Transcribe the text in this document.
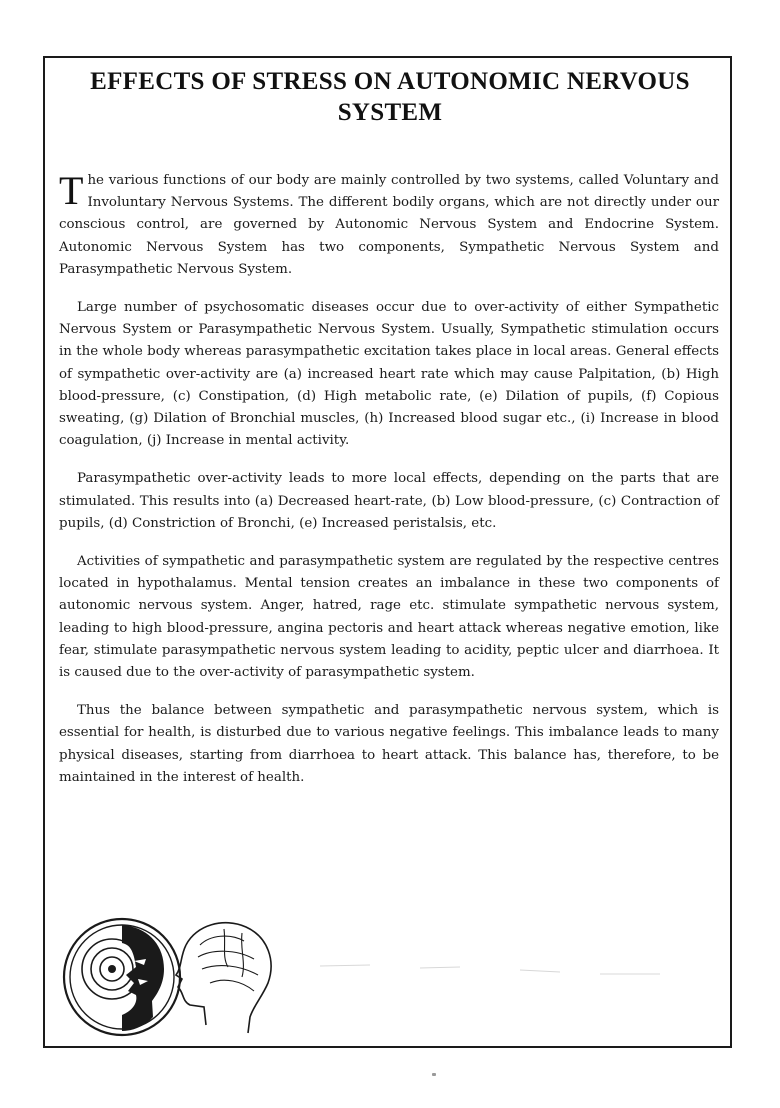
EFFECTS OF STRESS ON AUTONOMIC NERVOUS SYSTEM

The various functions of our body are mainly controlled by two systems, called Voluntary and Involuntary Nervous Systems. The different bodily organs, which are not directly under our conscious control, are governed by Autonomic Nervous System and Endocrine System. Autonomic Nervous System has two components, Sympathetic Nervous System and Parasympathetic Nervous System.

Large number of psychosomatic diseases occur due to over-activity of either Sympathetic Nervous System or Parasympathetic Nervous System. Usually, Sympathetic stimulation occurs in the whole body whereas parasympathetic excitation takes place in local areas. General effects of sympathetic over-activity are (a) increased heart rate which may cause Palpitation, (b) High blood-pressure, (c) Constipation, (d) High metabolic rate, (e) Dilation of pupils, (f) Copious sweating, (g) Dilation of Bronchial muscles, (h) Increased blood sugar etc., (i) Increase in blood coagulation, (j) Increase in mental activity.

Parasympathetic over-activity leads to more local effects, depending on the parts that are stimulated. This results into (a) Decreased heart-rate, (b) Low blood-pressure, (c) Contraction of pupils, (d) Constriction of Bronchi, (e) Increased peristalsis, etc.

Activities of sympathetic and parasympathetic system are regulated by the respective centres located in hypothalamus. Mental tension creates an imbalance in these two components of autonomic nervous system. Anger, hatred, rage etc. stimulate sympathetic nervous system, leading to high blood-pressure, angina pectoris and heart attack whereas negative emotion, like fear, stimulate parasympathetic nervous system leading to acidity, peptic ulcer and diarrhoea. It is caused due to the over-activity of parasympathetic system.

Thus the balance between sympathetic and parasympathetic nervous system, which is essential for health, is disturbed due to various negative feelings. This imbalance leads to many physical diseases, starting from diarrhoea to heart attack. This balance has, therefore, to be maintained in the interest of health.
